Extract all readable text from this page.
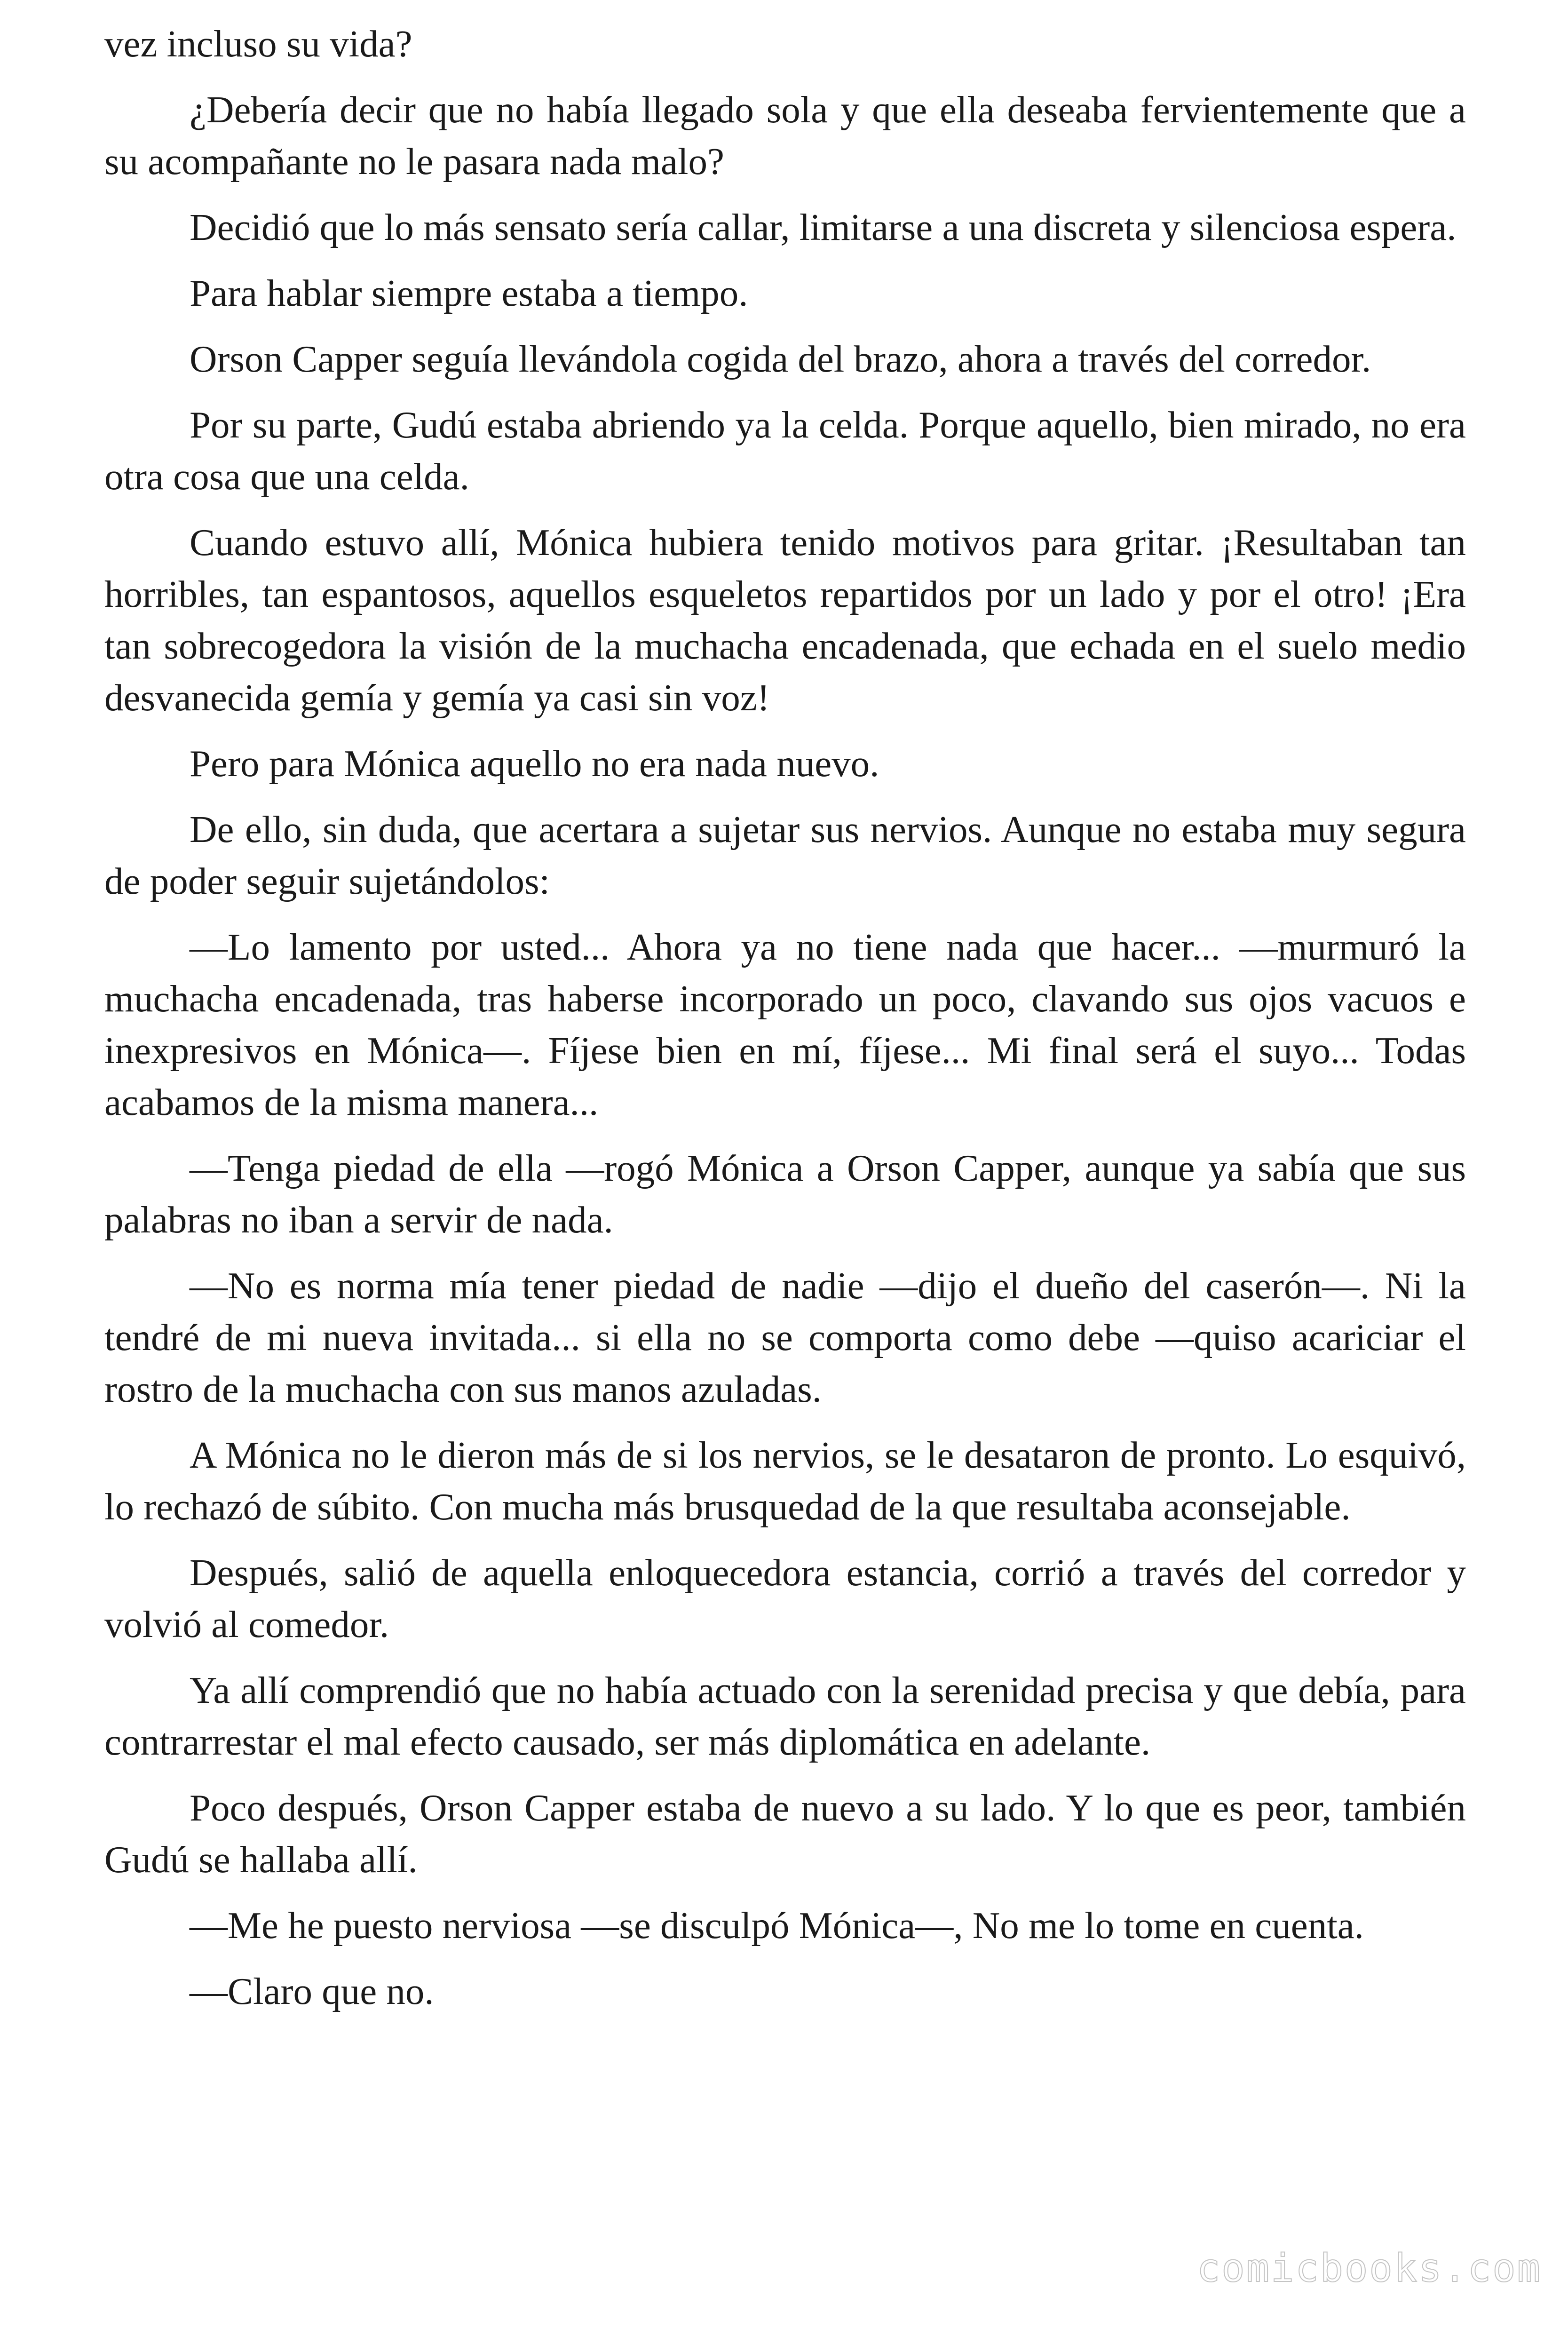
vez incluso su vida?

¿Debería decir que no había llegado sola y que ella deseaba fervientemente que a su acompañante no le pasara nada malo?

Decidió que lo más sensato sería callar, limitarse a una discreta y silenciosa espera.

Para hablar siempre estaba a tiempo.

Orson Capper seguía llevándola cogida del brazo, ahora a través del corredor.

Por su parte, Gudú estaba abriendo ya la celda. Porque aquello, bien mirado, no era otra cosa que una celda.

Cuando estuvo allí, Mónica hubiera tenido motivos para gritar. ¡Resultaban tan horribles, tan espantosos, aquellos esqueletos repartidos por un lado y por el otro! ¡Era tan sobrecogedora la visión de la muchacha encadenada, que echada en el suelo medio desvanecida gemía y gemía ya casi sin voz!

Pero para Mónica aquello no era nada nuevo.

De ello, sin duda, que acertara a sujetar sus nervios. Aunque no estaba muy segura de poder seguir sujetándolos:

—Lo lamento por usted... Ahora ya no tiene nada que hacer... —murmuró la muchacha encadenada, tras haberse incorporado un poco, clavando sus ojos vacuos e inexpresivos en Mónica—. Fíjese bien en mí, fíjese... Mi final será el suyo... Todas acabamos de la misma manera...

—Tenga piedad de ella —rogó Mónica a Orson Capper, aunque ya sabía que sus palabras no iban a servir de nada.

—No es norma mía tener piedad de nadie —dijo el dueño del caserón—. Ni la tendré de mi nueva invitada... si ella no se comporta como debe —quiso acariciar el rostro de la muchacha con sus manos azuladas.

A Mónica no le dieron más de si los nervios, se le desataron de pronto. Lo esquivó, lo rechazó de súbito. Con mucha más brusquedad de la que resultaba aconsejable.

Después, salió de aquella enloquecedora estancia, corrió a través del corredor y volvió al comedor.

Ya allí comprendió que no había actuado con la serenidad precisa y que debía, para contrarrestar el mal efecto causado, ser más diplomática en adelante.

Poco después, Orson Capper estaba de nuevo a su lado. Y lo que es peor, también Gudú se hallaba allí.

—Me he puesto nerviosa —se disculpó Mónica—, No me lo tome en cuenta.

—Claro que no.

comicbooks.com
